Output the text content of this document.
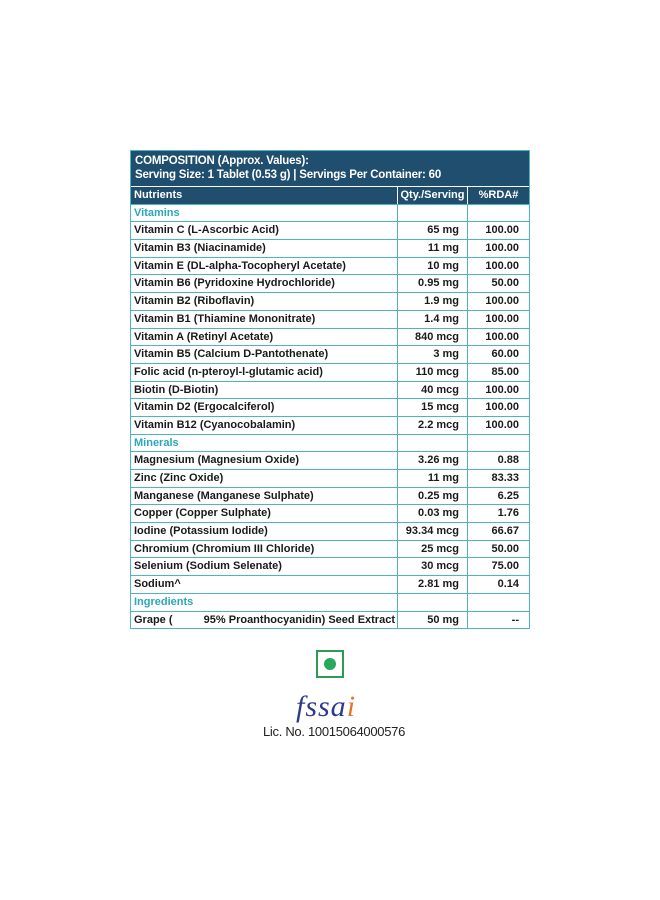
COMPOSITION (Approx. Values):
Serving Size: 1 Tablet (0.53 g) | Servings Per Container: 60
Nutrients	Qty./Serving	%RDA#
Vitamins
Vitamin C (L-Ascorbic Acid)	65 mg	100.00
Vitamin B3 (Niacinamide)	11 mg	100.00
Vitamin E (DL-alpha-Tocopheryl Acetate)	10 mg	100.00
Vitamin B6 (Pyridoxine Hydrochloride)	0.95 mg	50.00
Vitamin B2 (Riboflavin)	1.9 mg	100.00
Vitamin B1 (Thiamine Mononitrate)	1.4 mg	100.00
Vitamin A (Retinyl Acetate)	840 mcg	100.00
Vitamin B5 (Calcium D-Pantothenate)	3 mg	60.00
Folic acid (n-pteroyl-l-glutamic acid)	110 mcg	85.00
Biotin (D-Biotin)	40 mcg	100.00
Vitamin D2 (Ergocalciferol)	15 mcg	100.00
Vitamin B12 (Cyanocobalamin)	2.2 mcg	100.00
Minerals
Magnesium (Magnesium Oxide)	3.26 mg	0.88
Zinc (Zinc Oxide)	11 mg	83.33
Manganese (Manganese Sulphate)	0.25 mg	6.25
Copper (Copper Sulphate)	0.03 mg	1.76
Iodine (Potassium Iodide)	93.34 mcg	66.67
Chromium (Chromium III Chloride)	25 mcg	50.00
Selenium (Sodium Selenate)	30 mcg	75.00
Sodium^	2.81 mg	0.14
Ingredients
Grape (	95% Proanthocyanidin) Seed Extract	50 mg	--
fssai
Lic. No. 10015064000576
